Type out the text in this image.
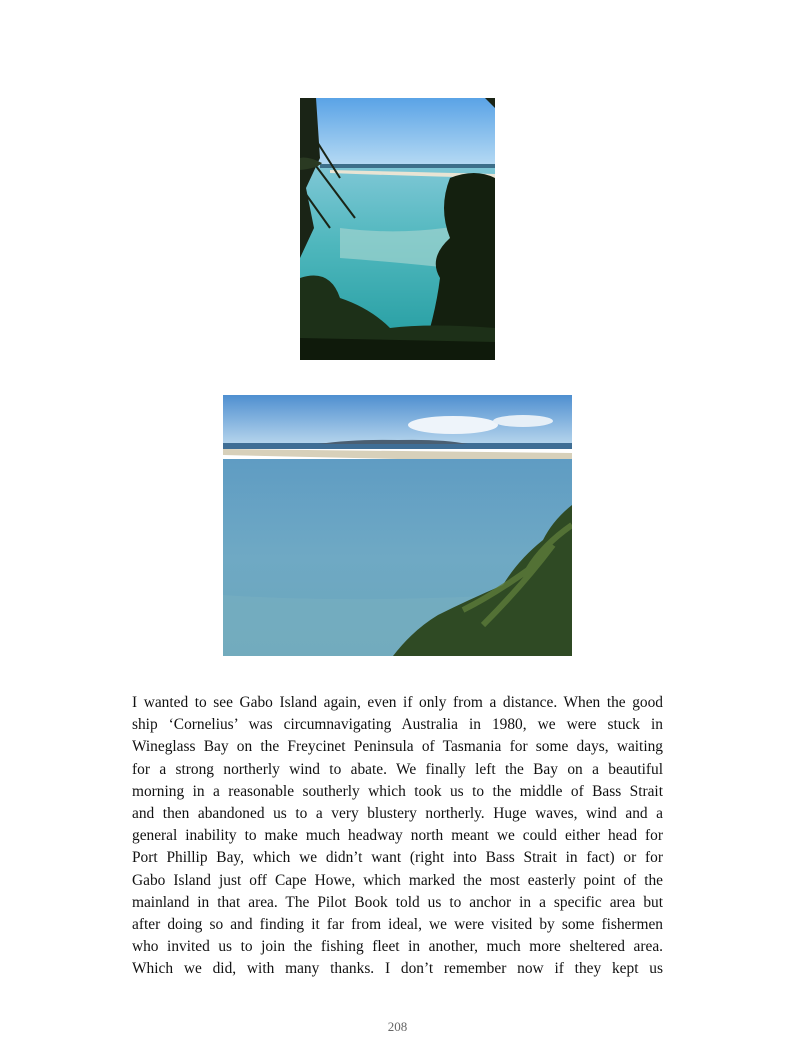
I wanted to see Gabo Island again, even if only from a distance. When the good
ship ‘Cornelius’ was circumnavigating Australia in 1980, we were stuck in
Wineglass Bay on the Freycinet Peninsula of Tasmania for some days, waiting
for a strong northerly wind to abate. We finally left the Bay on a beautiful
morning in a reasonable southerly which took us to the middle of Bass Strait
and then abandoned us to a very blustery northerly. Huge waves, wind and a
general inability to make much headway north meant we could either head for
Port Phillip Bay, which we didn’t want (right into Bass Strait in fact) or for
Gabo Island just off Cape Howe, which marked the most easterly point of the
mainland in that area. The Pilot Book told us to anchor in a specific area but
after doing so and finding it far from ideal, we were visited by some fishermen
who invited us to join the fishing fleet in another, much more sheltered area.
Which we did, with many thanks. I don’t remember now if they kept us
208
